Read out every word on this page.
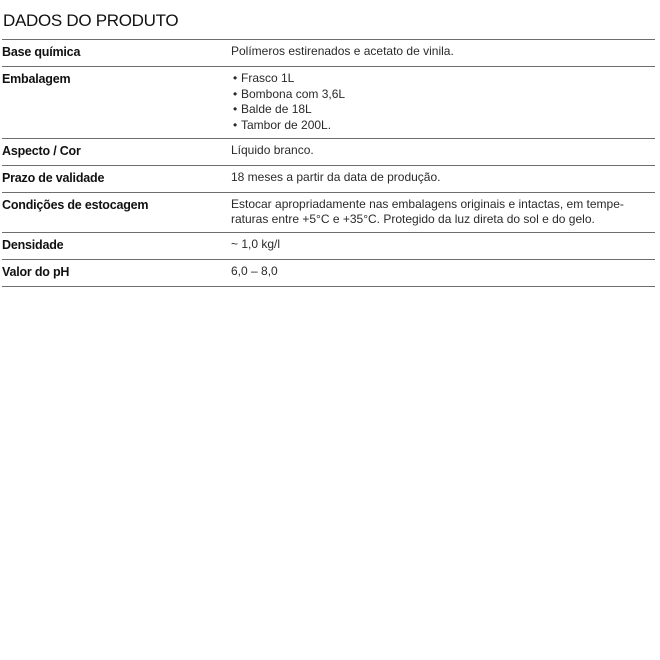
DADOS DO PRODUTO
Base química	Polímeros estirenados e acetato de vinila.
Embalagem	• Frasco 1L
• Bombona com 3,6L
• Balde de 18L
• Tambor de 200L.
Aspecto / Cor	Líquido branco.
Prazo de validade	18 meses a partir da data de produção.
Condições de estocagem	Estocar apropriadamente nas embalagens originais e intactas, em tempe-
raturas entre +5°C e +35°C. Protegido da luz direta do sol e do gelo.
Densidade	~ 1,0 kg/l
Valor do pH	6,0 – 8,0
